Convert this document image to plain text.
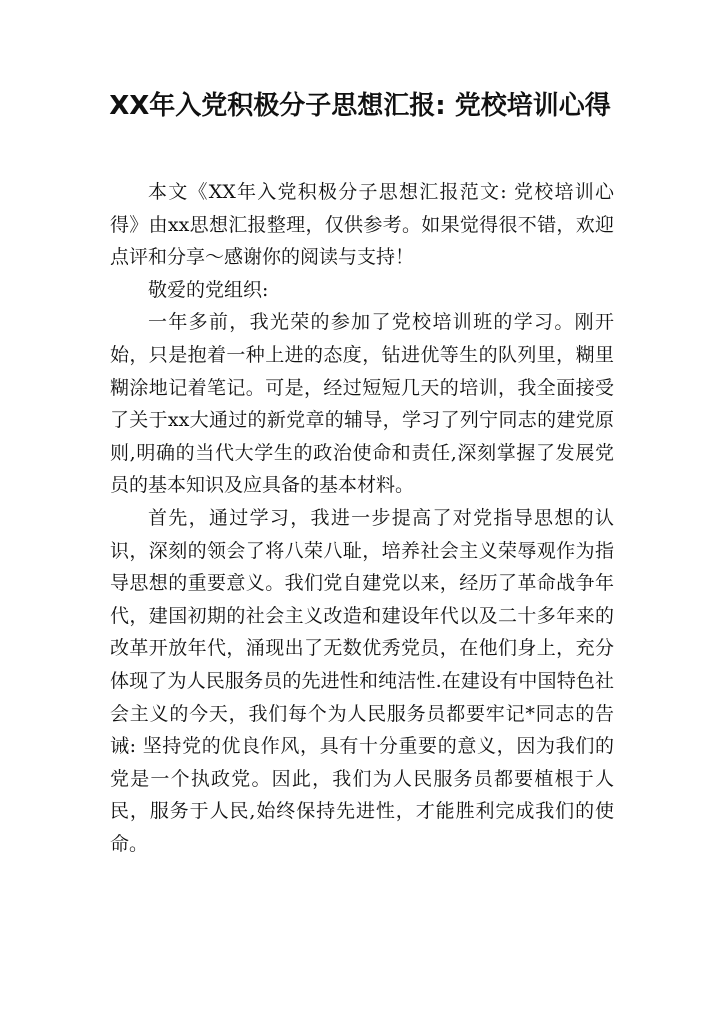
XX年入党积极分子思想汇报: 党校培训心得

本文《XX年入党积极分子思想汇报范文: 党校培训心得》由xx思想汇报整理，仅供参考。如果觉得很不错，欢迎点评和分享～感谢你的阅读与支持！

敬爱的党组织:

一年多前，我光荣的参加了党校培训班的学习。刚开始，只是抱着一种上进的态度，钻进优等生的队列里，糊里糊涂地记着笔记。可是，经过短短几天的培训，我全面接受了关于xx大通过的新党章的辅导，学习了列宁同志的建党原则,明确的当代大学生的政治使命和责任,深刻掌握了发展党员的基本知识及应具备的基本材料。

首先，通过学习，我进一步提高了对党指导思想的认识，深刻的领会了将八荣八耻，培养社会主义荣辱观作为指导思想的重要意义。我们党自建党以来，经历了革命战争年代，建国初期的社会主义改造和建设年代以及二十多年来的改革开放年代，涌现出了无数优秀党员，在他们身上，充分体现了为人民服务员的先进性和纯洁性.在建设有中国特色社会主义的今天，我们每个为人民服务员都要牢记*同志的告诫: 坚持党的优良作风，具有十分重要的意义，因为我们的党是一个执政党。因此，我们为人民服务员都要植根于人民，服务于人民,始终保持先进性，才能胜利完成我们的使命。
